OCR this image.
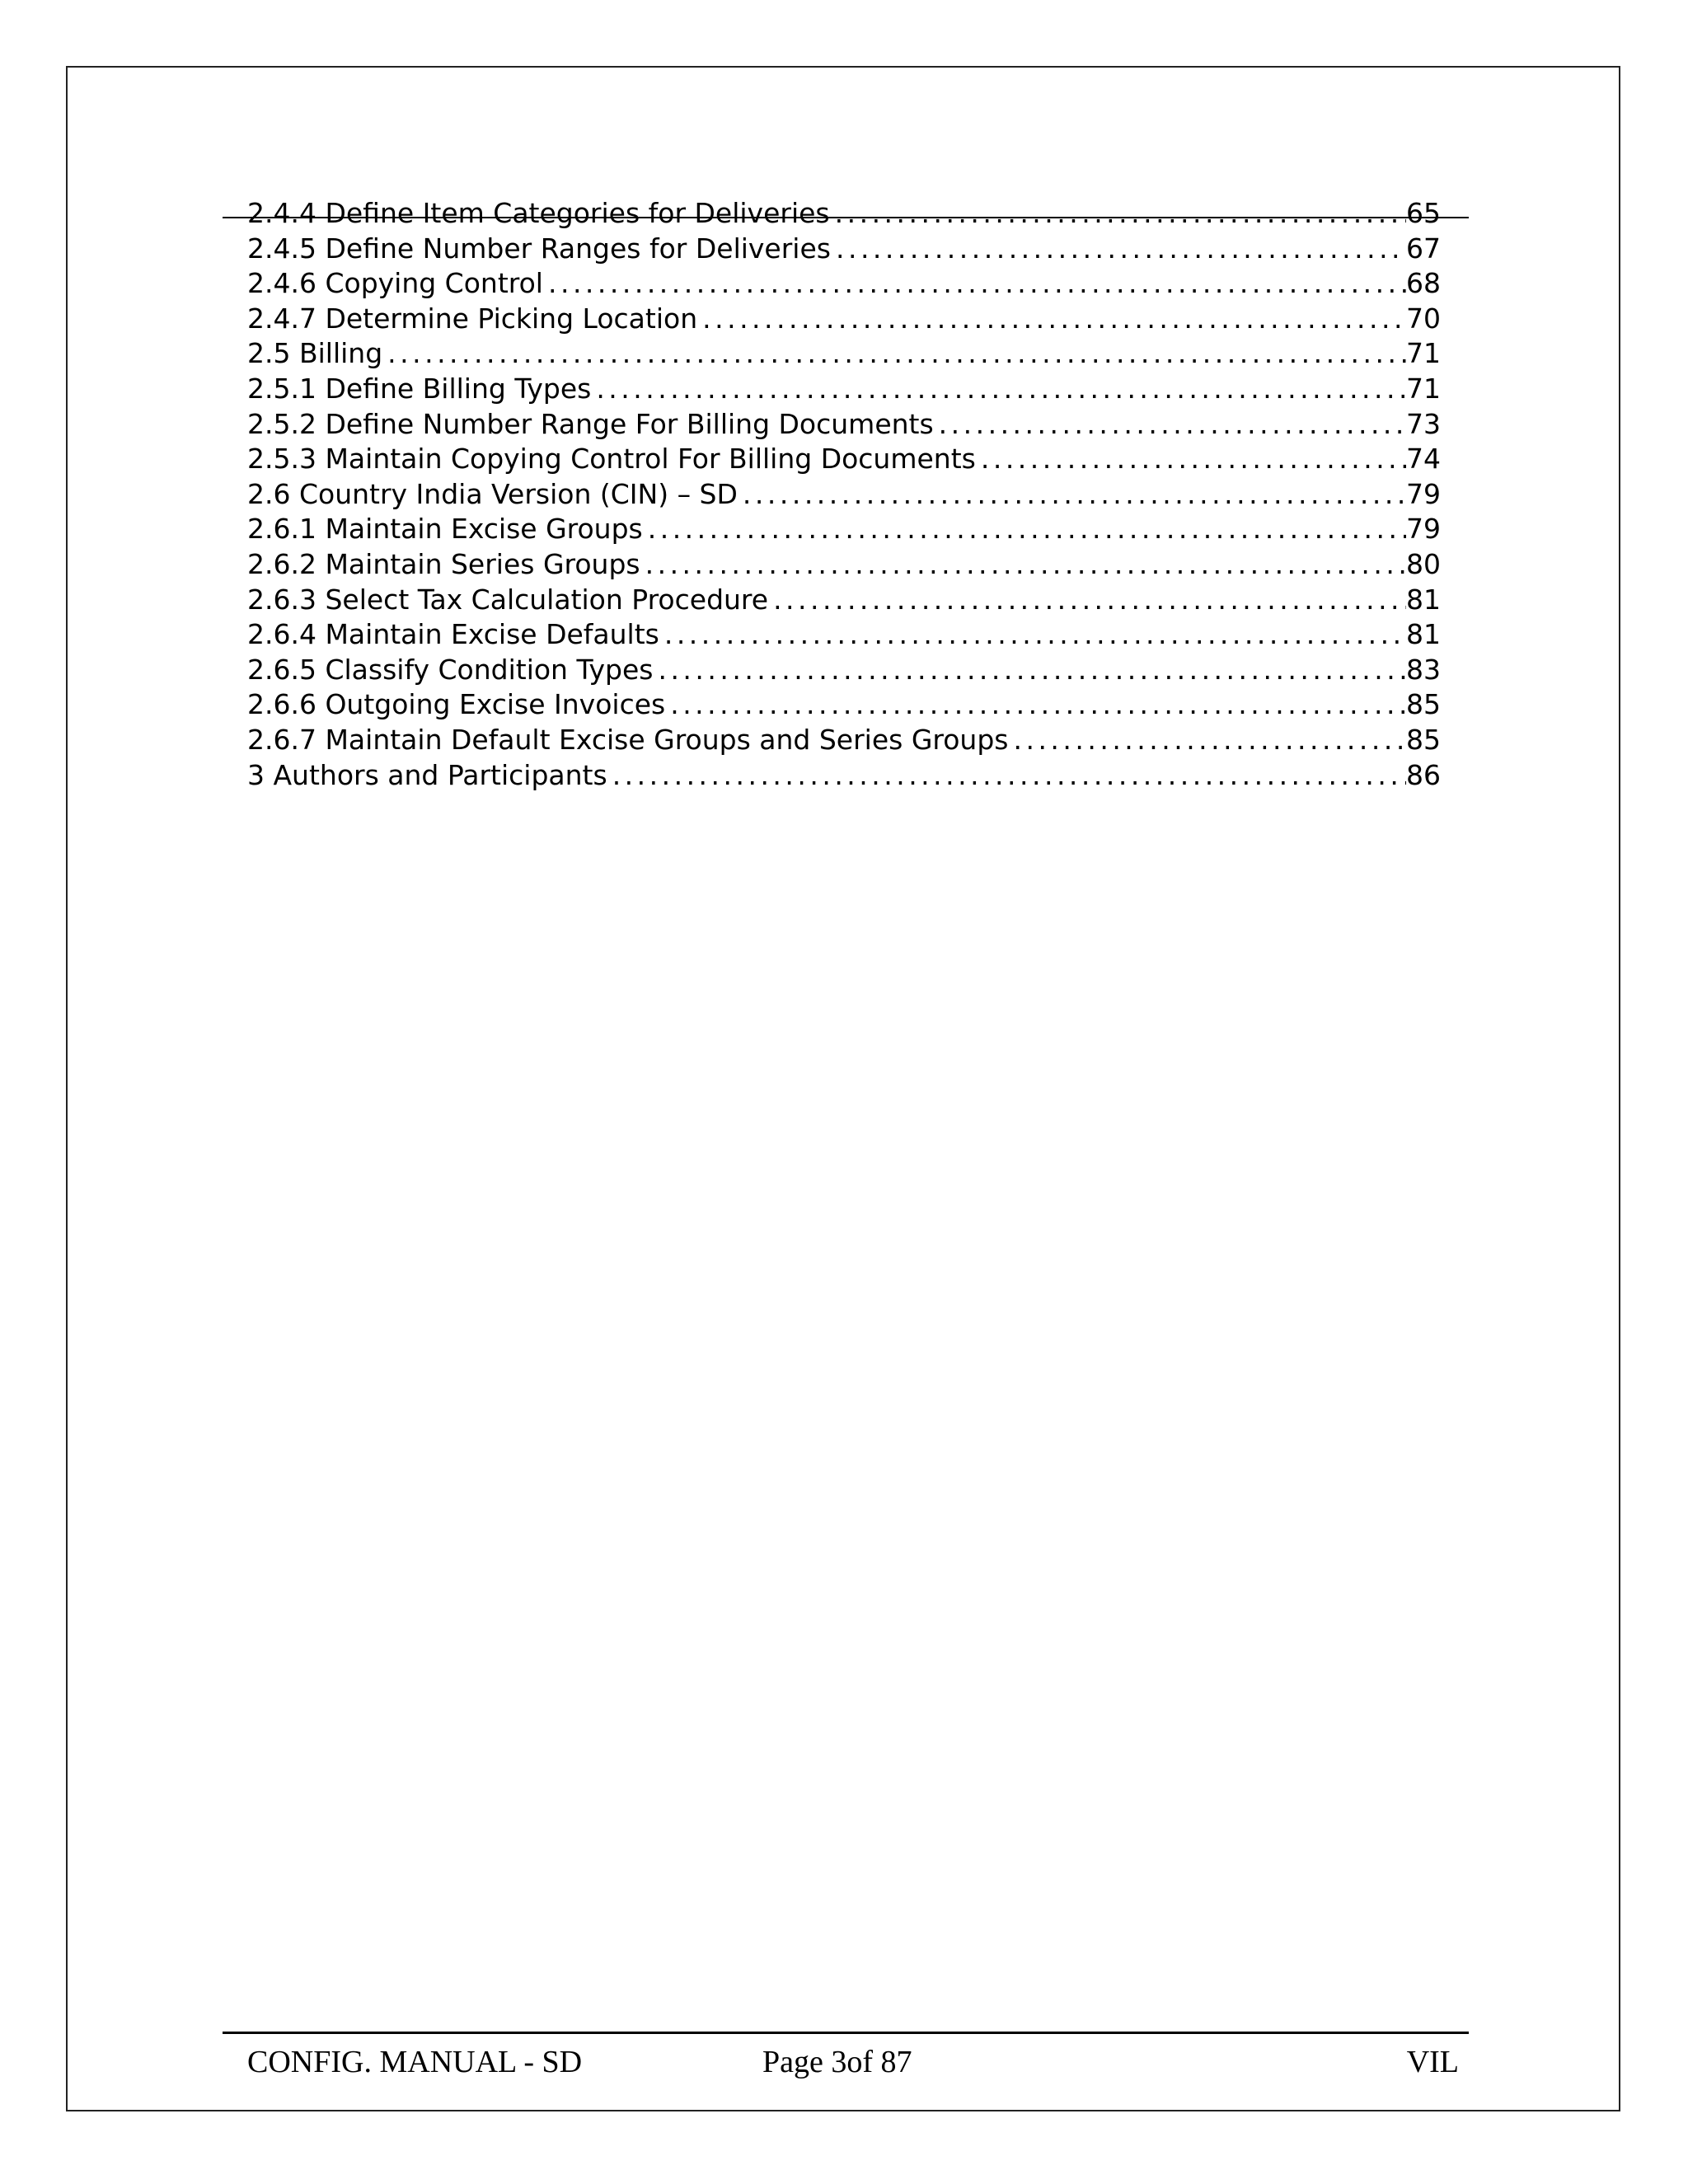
2.4.4 Define Item Categories for Deliveries . . .	65
2.4.5 Define Number Ranges for Deliveries . . .	67
2.4.6 Copying Control . . .	68
2.4.7 Determine Picking Location . . .	70
2.5 Billing . . .	71
2.5.1 Define Billing Types . . .	71
2.5.2 Define Number Range For Billing Documents . . .	73
2.5.3 Maintain Copying Control For Billing Documents . . .	74
2.6 Country India Version (CIN) – SD . . .	79
2.6.1 Maintain Excise Groups . . .	79
2.6.2 Maintain Series Groups . . .	80
2.6.3 Select Tax Calculation Procedure . . .	81
2.6.4 Maintain Excise Defaults . . .	81
2.6.5 Classify Condition Types . . .	83
2.6.6 Outgoing Excise Invoices . . .	85
2.6.7 Maintain Default Excise Groups and Series Groups . . .	85
3 Authors and Participants . . .	86
CONFIG. MANUAL - SD	Page 3of 87	VIL
